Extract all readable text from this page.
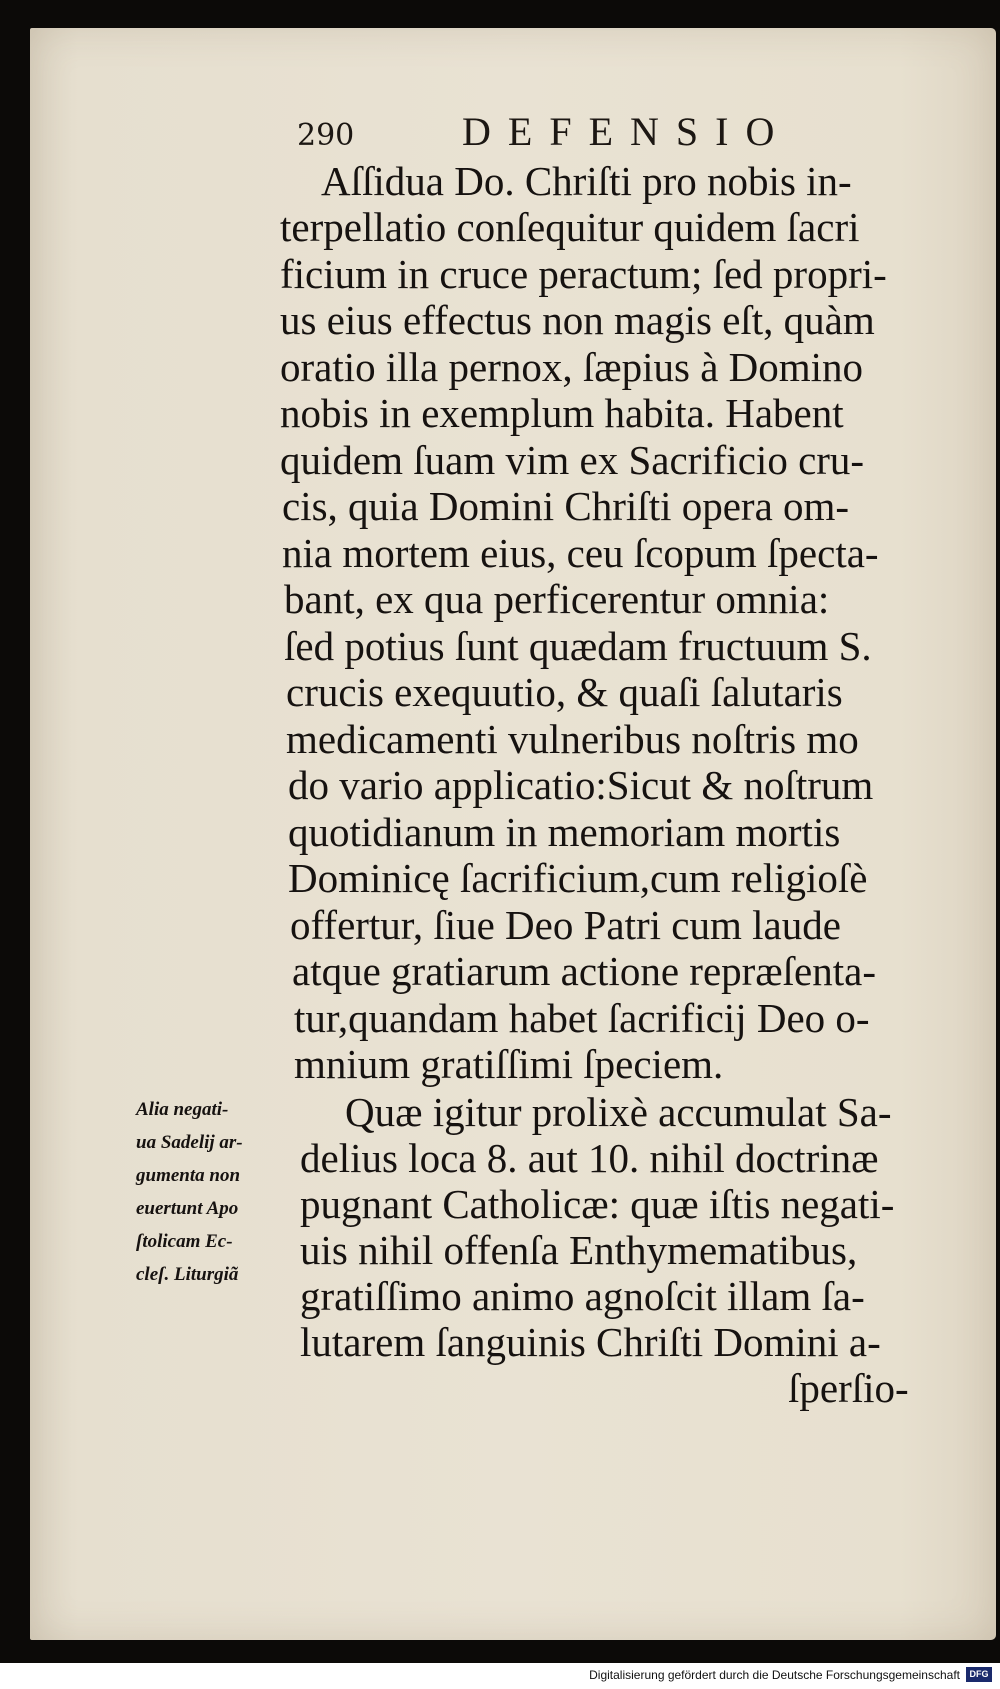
290	DEFENSIO
Aſſidua Do. Chriſti pro nobis in-
terpellatio conſequitur quidem ſacri
ficium in cruce peractum; ſed propri-
us eius effectus non magis eſt, quàm
oratio illa pernox, ſæpius à Domino
nobis in exemplum habita. Habent
quidem ſuam vim ex Sacrificio cru-
cis, quia Domini Chriſti opera om-
nia mortem eius, ceu ſcopum ſpecta-
bant, ex qua perficerentur omnia:
ſed potius ſunt quædam fructuum S.
crucis exequutio, & quaſi ſalutaris
medicamenti vulneribus noſtris mo
do vario applicatio:Sicut & noſtrum
quotidianum in memoriam mortis
Dominicę ſacrificium,cum religioſè
offertur, ſiue Deo Patri cum laude
atque gratiarum actione repræſenta-
tur,quandam habet ſacrificij Deo o-
mnium gratiſſimi ſpeciem.
Quæ igitur prolixè accumulat Sa-
delius loca 8. aut 10. nihil doctrinæ
pugnant Catholicæ: quæ iſtis negati-
uis nihil offenſa Enthymematibus,
gratiſſimo animo agnoſcit illam ſa-
lutarem ſanguinis Chriſti Domini a-
ſperſio-
Alia negati-
ua Sadelij ar-
gumenta non
euertunt Apo
ſtolicam Ec-
cleſ. Liturgiã
Digitalisierung gefördert durch die Deutsche Forschungsgemeinschaft	DFG
